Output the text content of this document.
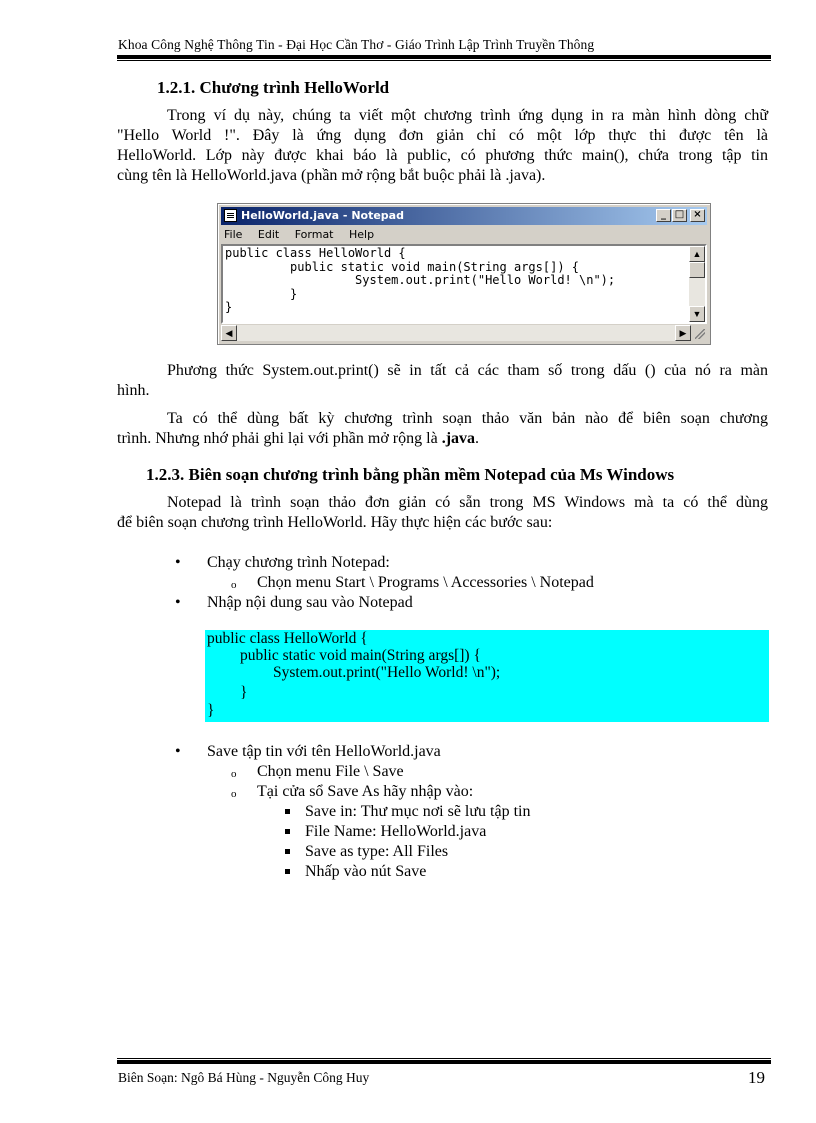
Khoa Công Nghệ Thông Tin - Đại Học Cần Thơ - Giáo Trình Lập Trình Truyền Thông
1.2.1. Chương trình HelloWorld
Trong ví dụ này, chúng ta viết một chương trình ứng dụng in ra màn hình dòng chữ
"Hello World !". Đây là ứng dụng đơn giản chỉ có một lớp thực thi được tên là
HelloWorld. Lớp này được khai báo là public, có phương thức main(), chứa trong tập tin
cùng tên là HelloWorld.java (phần mở rộng bắt buộc phải là .java).
HelloWorld.java - Notepad	_ □ ×
File Edit Format Help
public class HelloWorld {
public static void main(String args[]) {
System.out.print("Hello World! \n");
}
}
▲
▼
◀	▶
Phương thức System.out.print() sẽ in tất cả các tham số trong dấu () của nó ra màn
hình.
Ta có thể dùng bất kỳ chương trình soạn thảo văn bản nào để biên soạn chương
trình. Nhưng nhớ phải ghi lại với phần mở rộng là .java.
1.2.3. Biên soạn chương trình bằng phần mềm Notepad của Ms Windows
Notepad là trình soạn thảo đơn giản có sẵn trong MS Windows mà ta có thể dùng
để biên soạn chương trình HelloWorld. Hãy thực hiện các bước sau:
• Chạy chương trình Notepad:
o Chọn menu Start \ Programs \ Accessories \ Notepad
• Nhập nội dung sau vào Notepad
public class HelloWorld {
public static void main(String args[]) {
System.out.print("Hello World! \n");
}
}
• Save tập tin với tên HelloWorld.java
o Chọn menu File \ Save
o Tại cửa sổ Save As hãy nhập vào:
Save in: Thư mục nơi sẽ lưu tập tin
File Name: HelloWorld.java
Save as type: All Files
Nhấp vào nút Save
Biên Soạn: Ngô Bá Hùng - Nguyễn Công Huy	19
